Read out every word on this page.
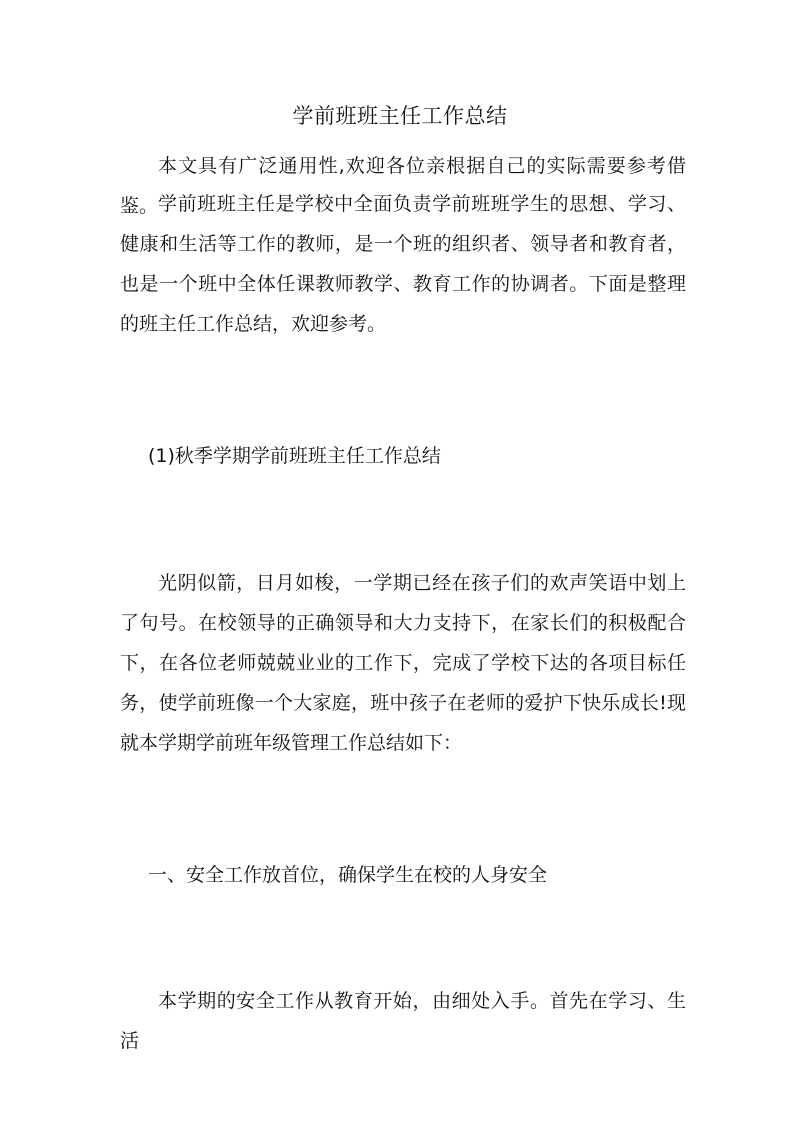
学前班班主任工作总结

本文具有广泛通用性,欢迎各位亲根据自己的实际需要参考借鉴。 学前班班主任是学校中全面负责学前班班学生的思想、学习、健康和生活等工作的教师，是一个班的组织者、领导者和教育者，也是一个班中全体任课教师教学、教育工作的协调者。下面是整理的班主任工作总结，欢迎参考。

(1)秋季学期学前班班主任工作总结

光阴似箭，日月如梭，一学期已经在孩子们的欢声笑语中划上了句号。在校领导的正确领导和大力支持下，在家长们的积极配合下，在各位老师兢兢业业的工作下，完成了学校下达的各项目标任务，使学前班像一个大家庭，班中孩子在老师的爱护下快乐成长!现就本学期学前班年级管理工作总结如下：

一、安全工作放首位，确保学生在校的人身安全

本学期的安全工作从教育开始，由细处入手。首先在学习、生活
